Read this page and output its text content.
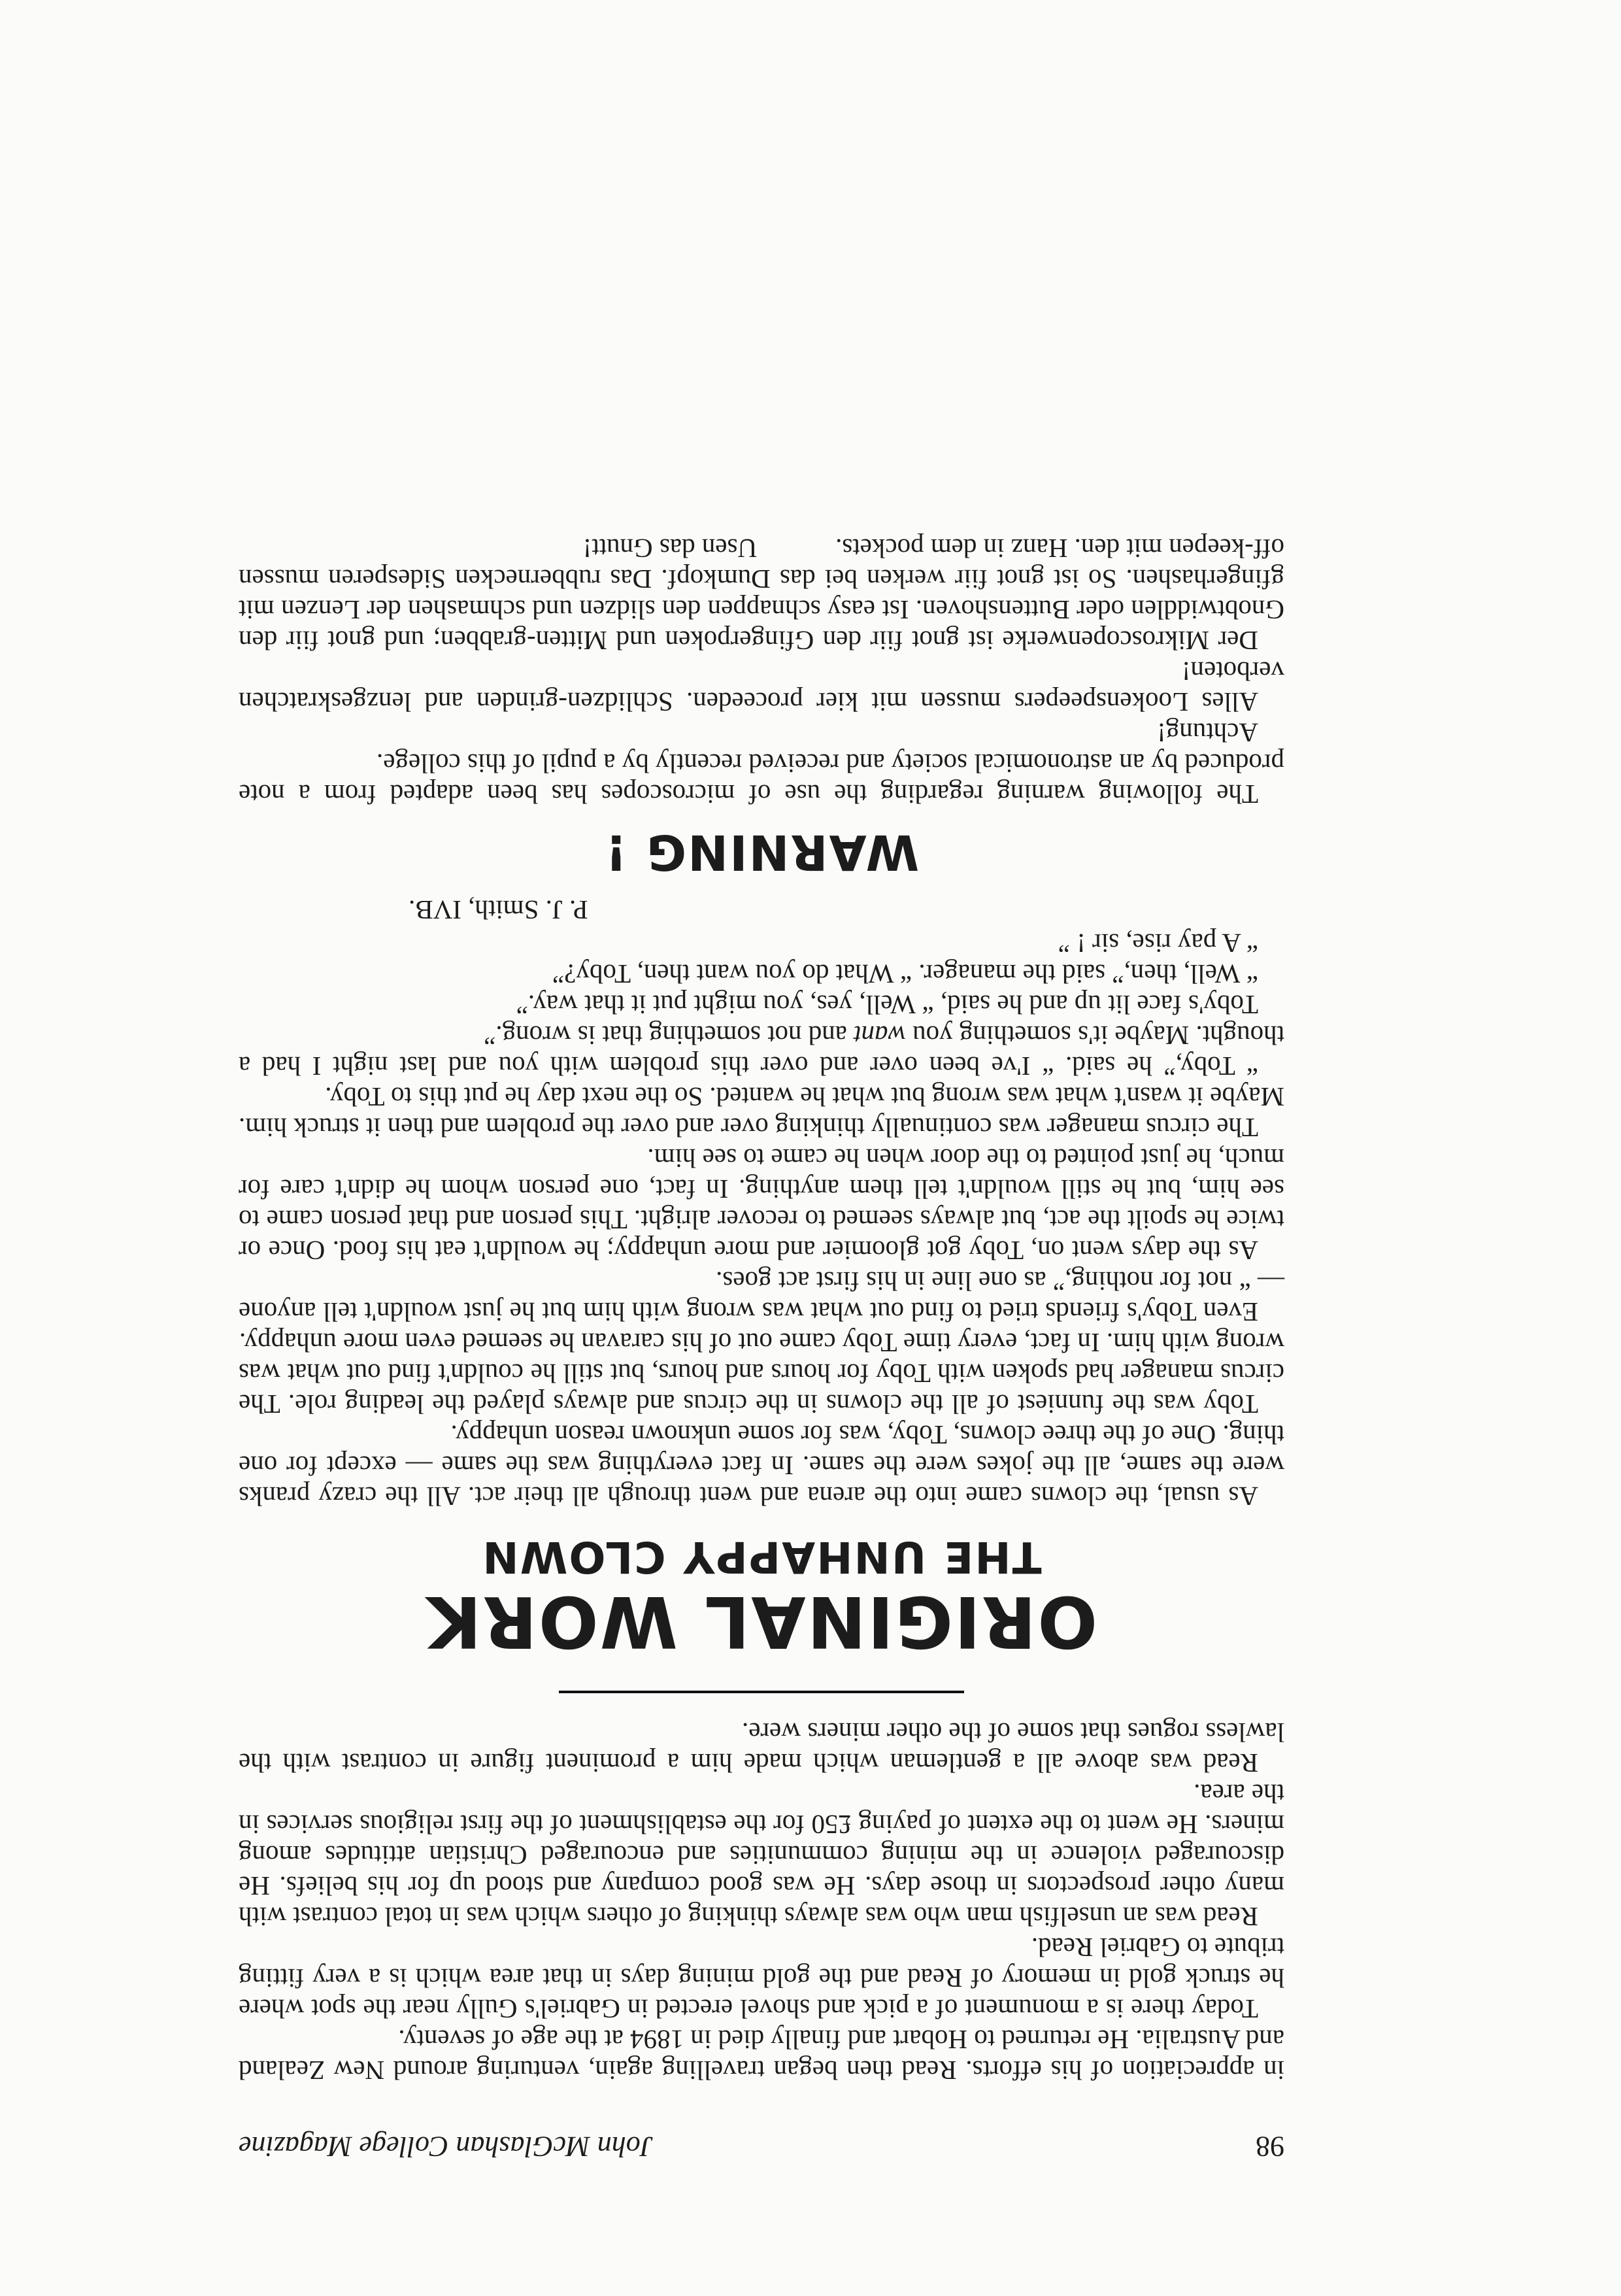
98
John McGlashan College Magazine

in appreciation of his efforts. Read then began travelling again, venturing around New Zealand and Australia. He returned to Hobart and finally died in 1894 at the age of seventy.

Today there is a monument of a pick and shovel erected in Gabriel's Gully near the spot where he struck gold in memory of Read and the gold mining days in that area which is a very fitting tribute to Gabriel Read.

Read was an unselfish man who was always thinking of others which was in total contrast with many other prospectors in those days. He was good company and stood up for his beliefs. He discouraged violence in the mining communities and encouraged Christian attitudes among miners. He went to the extent of paying £50 for the establishment of the first religious services in the area.

Read was above all a gentleman which made him a prominent figure in contrast with the lawless rogues that some of the other miners were.

ORIGINAL WORK
THE UNHAPPY CLOWN

As usual, the clowns came into the arena and went through all their act. All the crazy pranks were the same, all the jokes were the same. In fact everything was the same — except for one thing. One of the three clowns, Toby, was for some unknown reason unhappy.

Toby was the funniest of all the clowns in the circus and always played the leading role. The circus manager had spoken with Toby for hours and hours, but still he couldn't find out what was wrong with him. In fact, every time Toby came out of his caravan he seemed even more unhappy.

Even Toby's friends tried to find out what was wrong with him but he just wouldn't tell anyone — “ not for nothing,” as one line in his first act goes.

As the days went on, Toby got gloomier and more unhappy; he wouldn't eat his food. Once or twice he spoilt the act, but always seemed to recover alright. This person and that person came to see him, but he still wouldn't tell them anything. In fact, one person whom he didn't care for much, he just pointed to the door when he came to see him.

The circus manager was continually thinking over and over the problem and then it struck him. Maybe it wasn't what was wrong but what he wanted. So the next day he put this to Toby.

“ Toby,” he said. “ I've been over and over this problem with you and last night I had a thought. Maybe it's something you want and not something that is wrong.”

Toby's face lit up and he said, “ Well, yes, you might put it that way.”

“ Well, then,” said the manager. “ What do you want then, Toby?”

“ A pay rise, sir ! ”

P. J. Smith, IVB.
WARNING !

The following warning regarding the use of microscopes has been adapted from a note produced by an astronomical society and received recently by a pupil of this college.

Achtung!

Alles Lookenspeepers mussen mit kier proceeden. Schlidzen-grinden and lenzgeskratchen verboten!

Der Mikroscopenwerke ist gnot fiir den Gfingerpoken und Mitten-grabben; und gnot fiir den Gnobtwiddlen oder Buttenshoven. Ist easy schnappen den slidzen und schmashen der Lenzen mit gfingerhashen. So ist gnot fiir werken bei das Dumkopf. Das rubbernecken Sidesperen mussen off-keepen mit den. Hanz in dem pockets.Usen das Gnutt!
